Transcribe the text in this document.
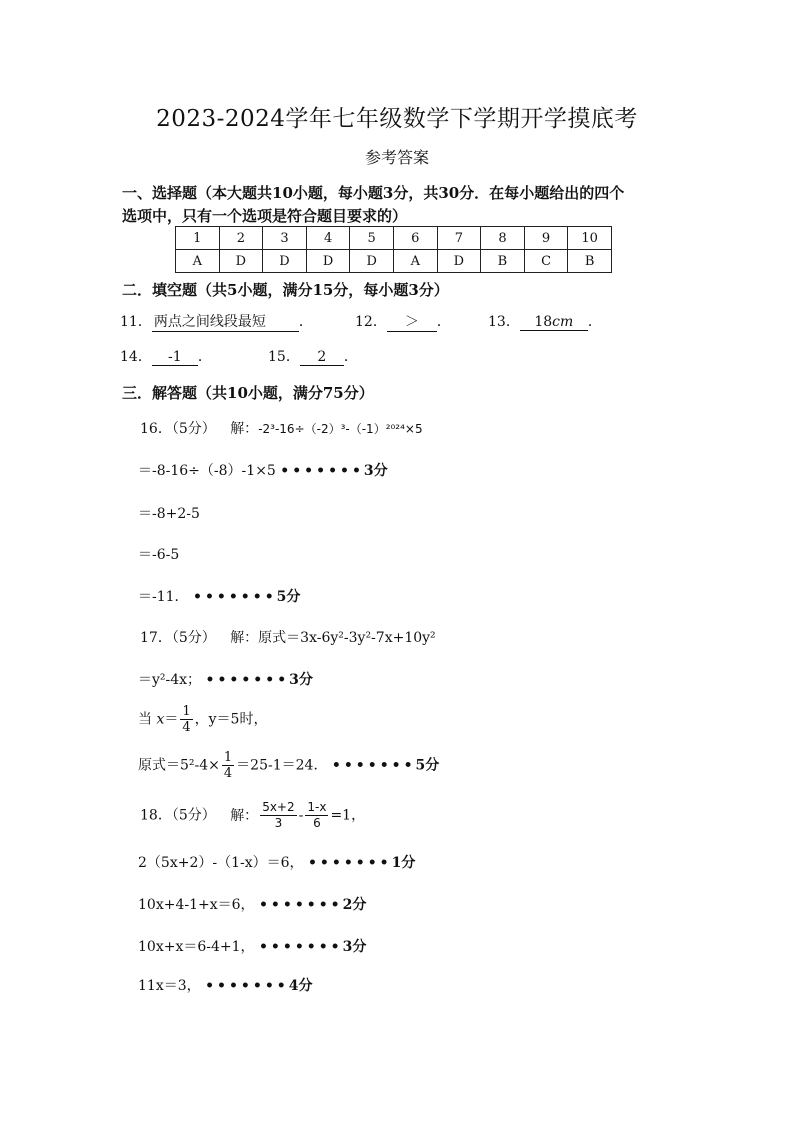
2023-2024学年七年级数学下学期开学摸底考
参考答案
一、选择题（本大题共10小题，每小题3分，共30分．在每小题给出的四个
选项中，只有一个选项是符合题目要求的）
1	2	3	4	5	6	7	8	9	10
A	D	D	D	D	A	D	B	C	B
二．填空题（共5小题，满分15分，每小题3分）
11． 两点之间线段最短 ．	12． ＞ ．	13． 18cm ．
14． -1 ．	15． 2 ．
三．解答题（共10小题，满分75分）
16．（5分） 解：-2³-16÷（-2）³-（-1）²⁰²⁴×5
＝-8-16÷（-8）-1×5 •••••••3分
＝-8+2-5
＝-6-5
＝-11． •••••••5分
17．（5分） 解：原式＝3x-6y²-3y²-7x+10y²
＝y²-4x； •••••••3分
当 $x= \frac{1}{4}$ ，y＝5时，
原式$=5^2-4\times \frac{1}{4} =25-1=24$． •••••••5分
18．（5分） 解： $\frac{5x+2}{3} - \frac{1-x}{6} =1$，
2（5x+2）-（1-x）＝6， •••••••1分
10x+4-1+x＝6， •••••••2分
10x+x＝6-4+1， •••••••3分
11x＝3， •••••••4分
